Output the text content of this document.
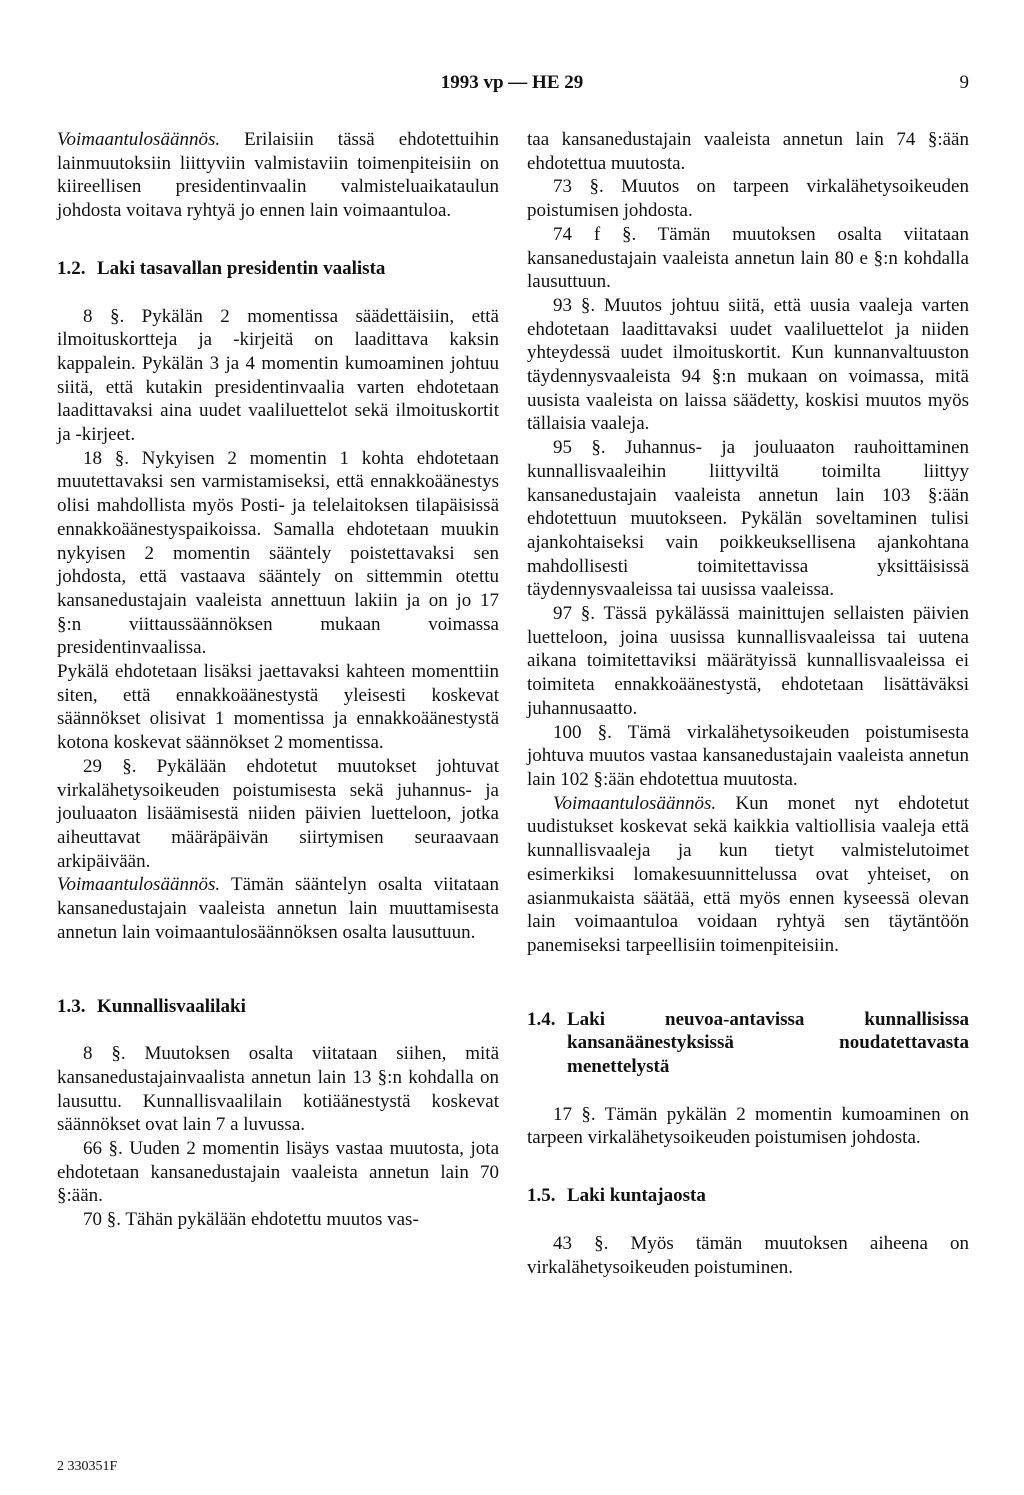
1993 vp — HE 29	9

Voimaantulosäännös. Erilaisiin tässä ehdotettuihin lainmuutoksiin liittyviin valmistaviin toimenpiteisiin on kiireellisen presidentinvaalin valmisteluaikataulun johdosta voitava ryhtyä jo ennen lain voimaantuloa.

1.2. Laki tasavallan presidentin vaalista

8 §. Pykälän 2 momentissa säädettäisiin, että ilmoituskortteja ja -kirjeitä on laadittava kaksin kappalein. Pykälän 3 ja 4 momentin kumoaminen johtuu siitä, että kutakin presidentinvaalia varten ehdotetaan laadittavaksi aina uudet vaaliluettelot sekä ilmoituskortit ja -kirjeet.

18 §. Nykyisen 2 momentin 1 kohta ehdotetaan muutettavaksi sen varmistamiseksi, että ennakkoäänestys olisi mahdollista myös Posti- ja telelaitoksen tilapäisissä ennakkoäänestyspaikoissa. Samalla ehdotetaan muukin nykyisen 2 momentin sääntely poistettavaksi sen johdosta, että vastaava sääntely on sittemmin otettu kansanedustajain vaaleista annettuun lakiin ja on jo 17 §:n viittaussäännöksen mukaan voimassa presidentinvaalissa.

Pykälä ehdotetaan lisäksi jaettavaksi kahteen momenttiin siten, että ennakkoäänestystä yleisesti koskevat säännökset olisivat 1 momentissa ja ennakkoäänestystä kotona koskevat säännökset 2 momentissa.

29 §. Pykälään ehdotetut muutokset johtuvat virkalähetysoikeuden poistumisesta sekä juhannus- ja jouluaaton lisäämisestä niiden päivien luetteloon, jotka aiheuttavat määräpäivän siirtymisen seuraavaan arkipäivään.

Voimaantulosäännös. Tämän sääntelyn osalta viitataan kansanedustajain vaaleista annetun lain muuttamisesta annetun lain voimaantulosäännöksen osalta lausuttuun.

1.3. Kunnallisvaalilaki

8 §. Muutoksen osalta viitataan siihen, mitä kansanedustajainvaalista annetun lain 13 §:n kohdalla on lausuttu. Kunnallisvaalilain kotiäänestystä koskevat säännökset ovat lain 7 a luvussa.

66 §. Uuden 2 momentin lisäys vastaa muutosta, jota ehdotetaan kansanedustajain vaaleista annetun lain 70 §:ään.

70 §. Tähän pykälään ehdotettu muutos vas-

taa kansanedustajain vaaleista annetun lain 74 §:ään ehdotettua muutosta.

73 §. Muutos on tarpeen virkalähetysoikeuden poistumisen johdosta.

74 f §. Tämän muutoksen osalta viitataan kansanedustajain vaaleista annetun lain 80 e §:n kohdalla lausuttuun.

93 §. Muutos johtuu siitä, että uusia vaaleja varten ehdotetaan laadittavaksi uudet vaaliluettelot ja niiden yhteydessä uudet ilmoituskortit. Kun kunnanvaltuuston täydennysvaaleista 94 §:n mukaan on voimassa, mitä uusista vaaleista on laissa säädetty, koskisi muutos myös tällaisia vaaleja.

95 §. Juhannus- ja jouluaaton rauhoittaminen kunnallisvaaleihin liittyviltä toimilta liittyy kansanedustajain vaaleista annetun lain 103 §:ään ehdotettuun muutokseen. Pykälän soveltaminen tulisi ajankohtaiseksi vain poikkeuksellisena ajankohtana mahdollisesti toimitettavissa yksittäisissä täydennysvaaleissa tai uusissa vaaleissa.

97 §. Tässä pykälässä mainittujen sellaisten päivien luetteloon, joina uusissa kunnallisvaaleissa tai uutena aikana toimitettaviksi määrätyissä kunnallisvaaleissa ei toimiteta ennakkoäänestystä, ehdotetaan lisättäväksi juhannusaatto.

100 §. Tämä virkalähetysoikeuden poistumisesta johtuva muutos vastaa kansanedustajain vaaleista annetun lain 102 §:ään ehdotettua muutosta.

Voimaantulosäännös. Kun monet nyt ehdotetut uudistukset koskevat sekä kaikkia valtiollisia vaaleja että kunnallisvaaleja ja kun tietyt valmistelutoimet esimerkiksi lomakesuunnittelussa ovat yhteiset, on asianmukaista säätää, että myös ennen kyseessä olevan lain voimaantuloa voidaan ryhtyä sen täytäntöön panemiseksi tarpeellisiin toimenpiteisiin.

1.4. Laki neuvoa-antavissa kunnallisissa kansanäänestyksissä noudatettavasta menettelystä

17 §. Tämän pykälän 2 momentin kumoaminen on tarpeen virkalähetysoikeuden poistumisen johdosta.

1.5. Laki kuntajaosta

43 §. Myös tämän muutoksen aiheena on virkalähetysoikeuden poistuminen.

2 330351F
